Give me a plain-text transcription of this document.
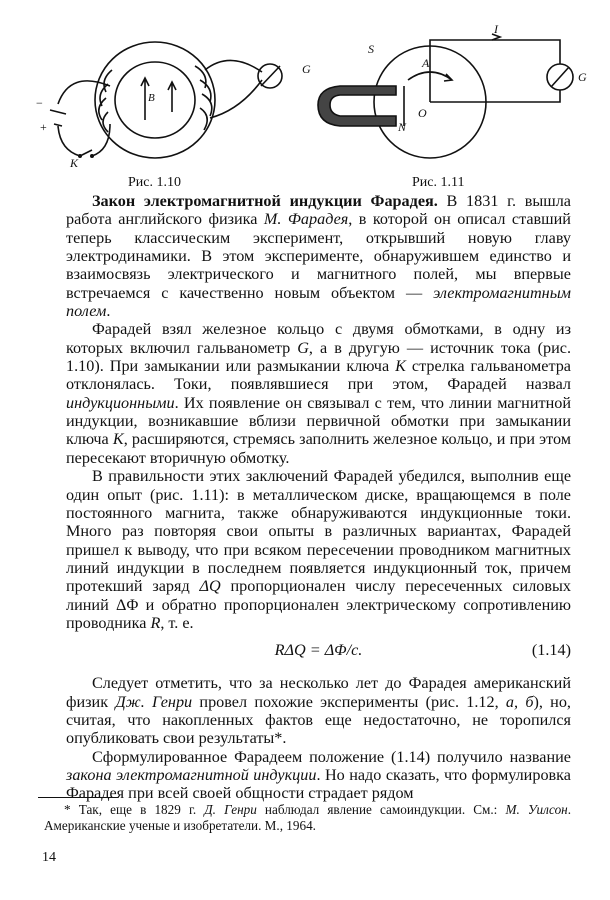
G
B
K
−
+
Рис. 1.10
S
N
A
O
I
G
Рис. 1.11

Закон электромагнитной индукции Фарадея. В 1831 г. вышла работа английского физика М. Фарадея, в которой он описал ставший теперь классическим эксперимент, открывший новую главу электродинамики. В этом эксперименте, обнаружившем единство и взаимосвязь электрического и магнитного полей, мы впервые встречаемся с качественно новым объектом — электромагнитным полем.

Фарадей взял железное кольцо с двумя обмотками, в одну из которых включил гальванометр G, а в другую — источник тока (рис. 1.10). При замыкании или размыкании ключа K стрелка гальванометра отклонялась. Токи, появлявшиеся при этом, Фарадей назвал индукционными. Их появление он связывал с тем, что линии магнитной индукции, возникавшие вблизи первичной обмотки при замыкании ключа K, расширяются, стремясь заполнить железное кольцо, и при этом пересекают вторичную обмотку.

В правильности этих заключений Фарадей убедился, выполнив еще один опыт (рис. 1.11): в металлическом диске, вращающемся в поле постоянного магнита, также обнаруживаются индукционные токи. Много раз повторяя свои опыты в различных вариантах, Фарадей пришел к выводу, что при всяком пересечении проводником магнитных линий индукции в последнем появляется индукционный ток, причем протекший заряд ΔQ пропорционален числу пересеченных силовых линий ΔΦ и обратно пропорционален электрическому сопротивлению проводника R, т. е.

RΔQ = ΔΦ/c.	(1.14)

Следует отметить, что за несколько лет до Фарадея американский физик Дж. Генри провел похожие эксперименты (рис. 1.12, а, б), но, считая, что накопленных фактов еще недостаточно, не торопился опубликовать свои результаты*.

Сформулированное Фарадеем положение (1.14) получило название закона электромагнитной индукции. Но надо сказать, что формулировка Фарадея при всей своей общности страдает рядом

* Так, еще в 1829 г. Д. Генри наблюдал явление самоиндукции. См.: М. Уилсон. Американские ученые и изобретатели. М., 1964.
14
